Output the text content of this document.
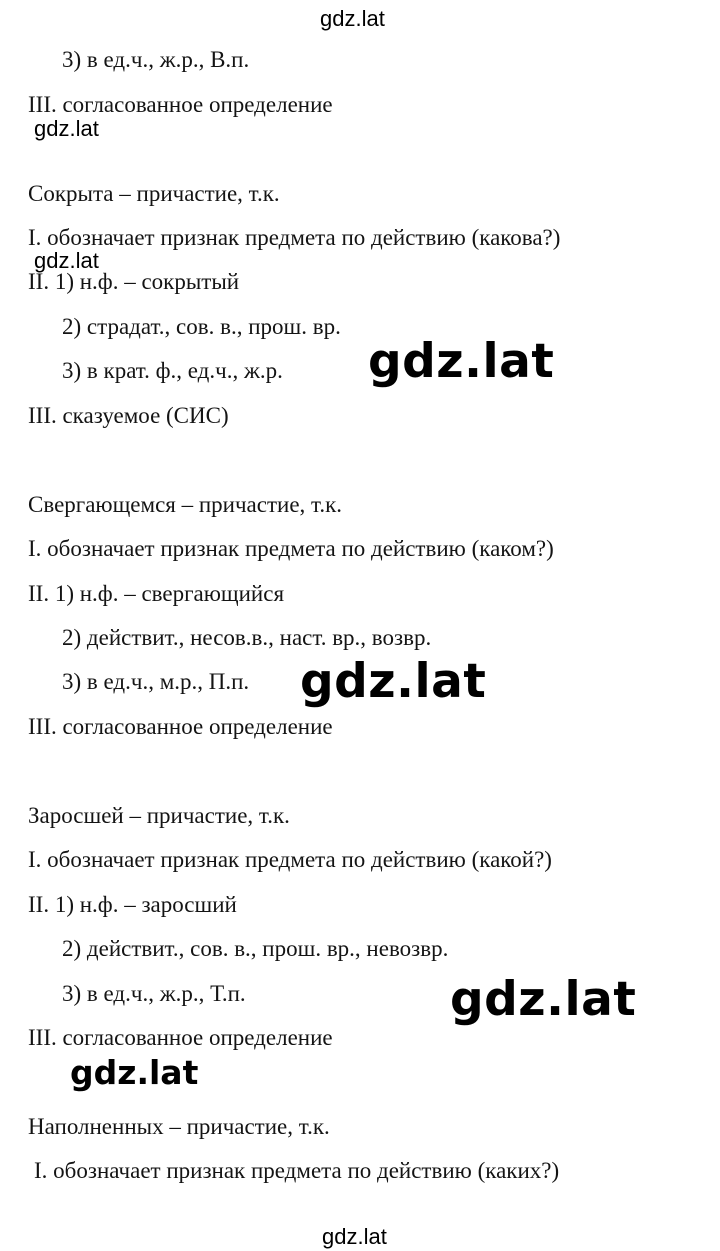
gdz.lat
3) в ед.ч., ж.р., В.п.
III. согласованное определение
gdz.lat
Сокрыта – причастие, т.к.
I. обозначает признак предмета по действию (какова?)
gdz.lat
II. 1) н.ф. – сокрытый
2) страдат., сов. в., прош. вр.
3) в крат. ф., ед.ч., ж.р. gdz.lat
III. сказуемое (СИС)
Свергающемся – причастие, т.к.
I. обозначает признак предмета по действию (каком?)
II. 1) н.ф. – свергающийся
2) действит., несов.в., наст. вр., возвр.
3) в ед.ч., м.р., П.п. gdz.lat
III. согласованное определение
Заросшей – причастие, т.к.
I. обозначает признак предмета по действию (какой?)
II. 1) н.ф. – заросший
2) действит., сов. в., прош. вр., невозвр.
3) в ед.ч., ж.р., Т.п.	gdz.lat
III. согласованное определение
gdz.lat
Наполненных – причастие, т.к.
I. обозначает признак предмета по действию (каких?)
gdz.lat
